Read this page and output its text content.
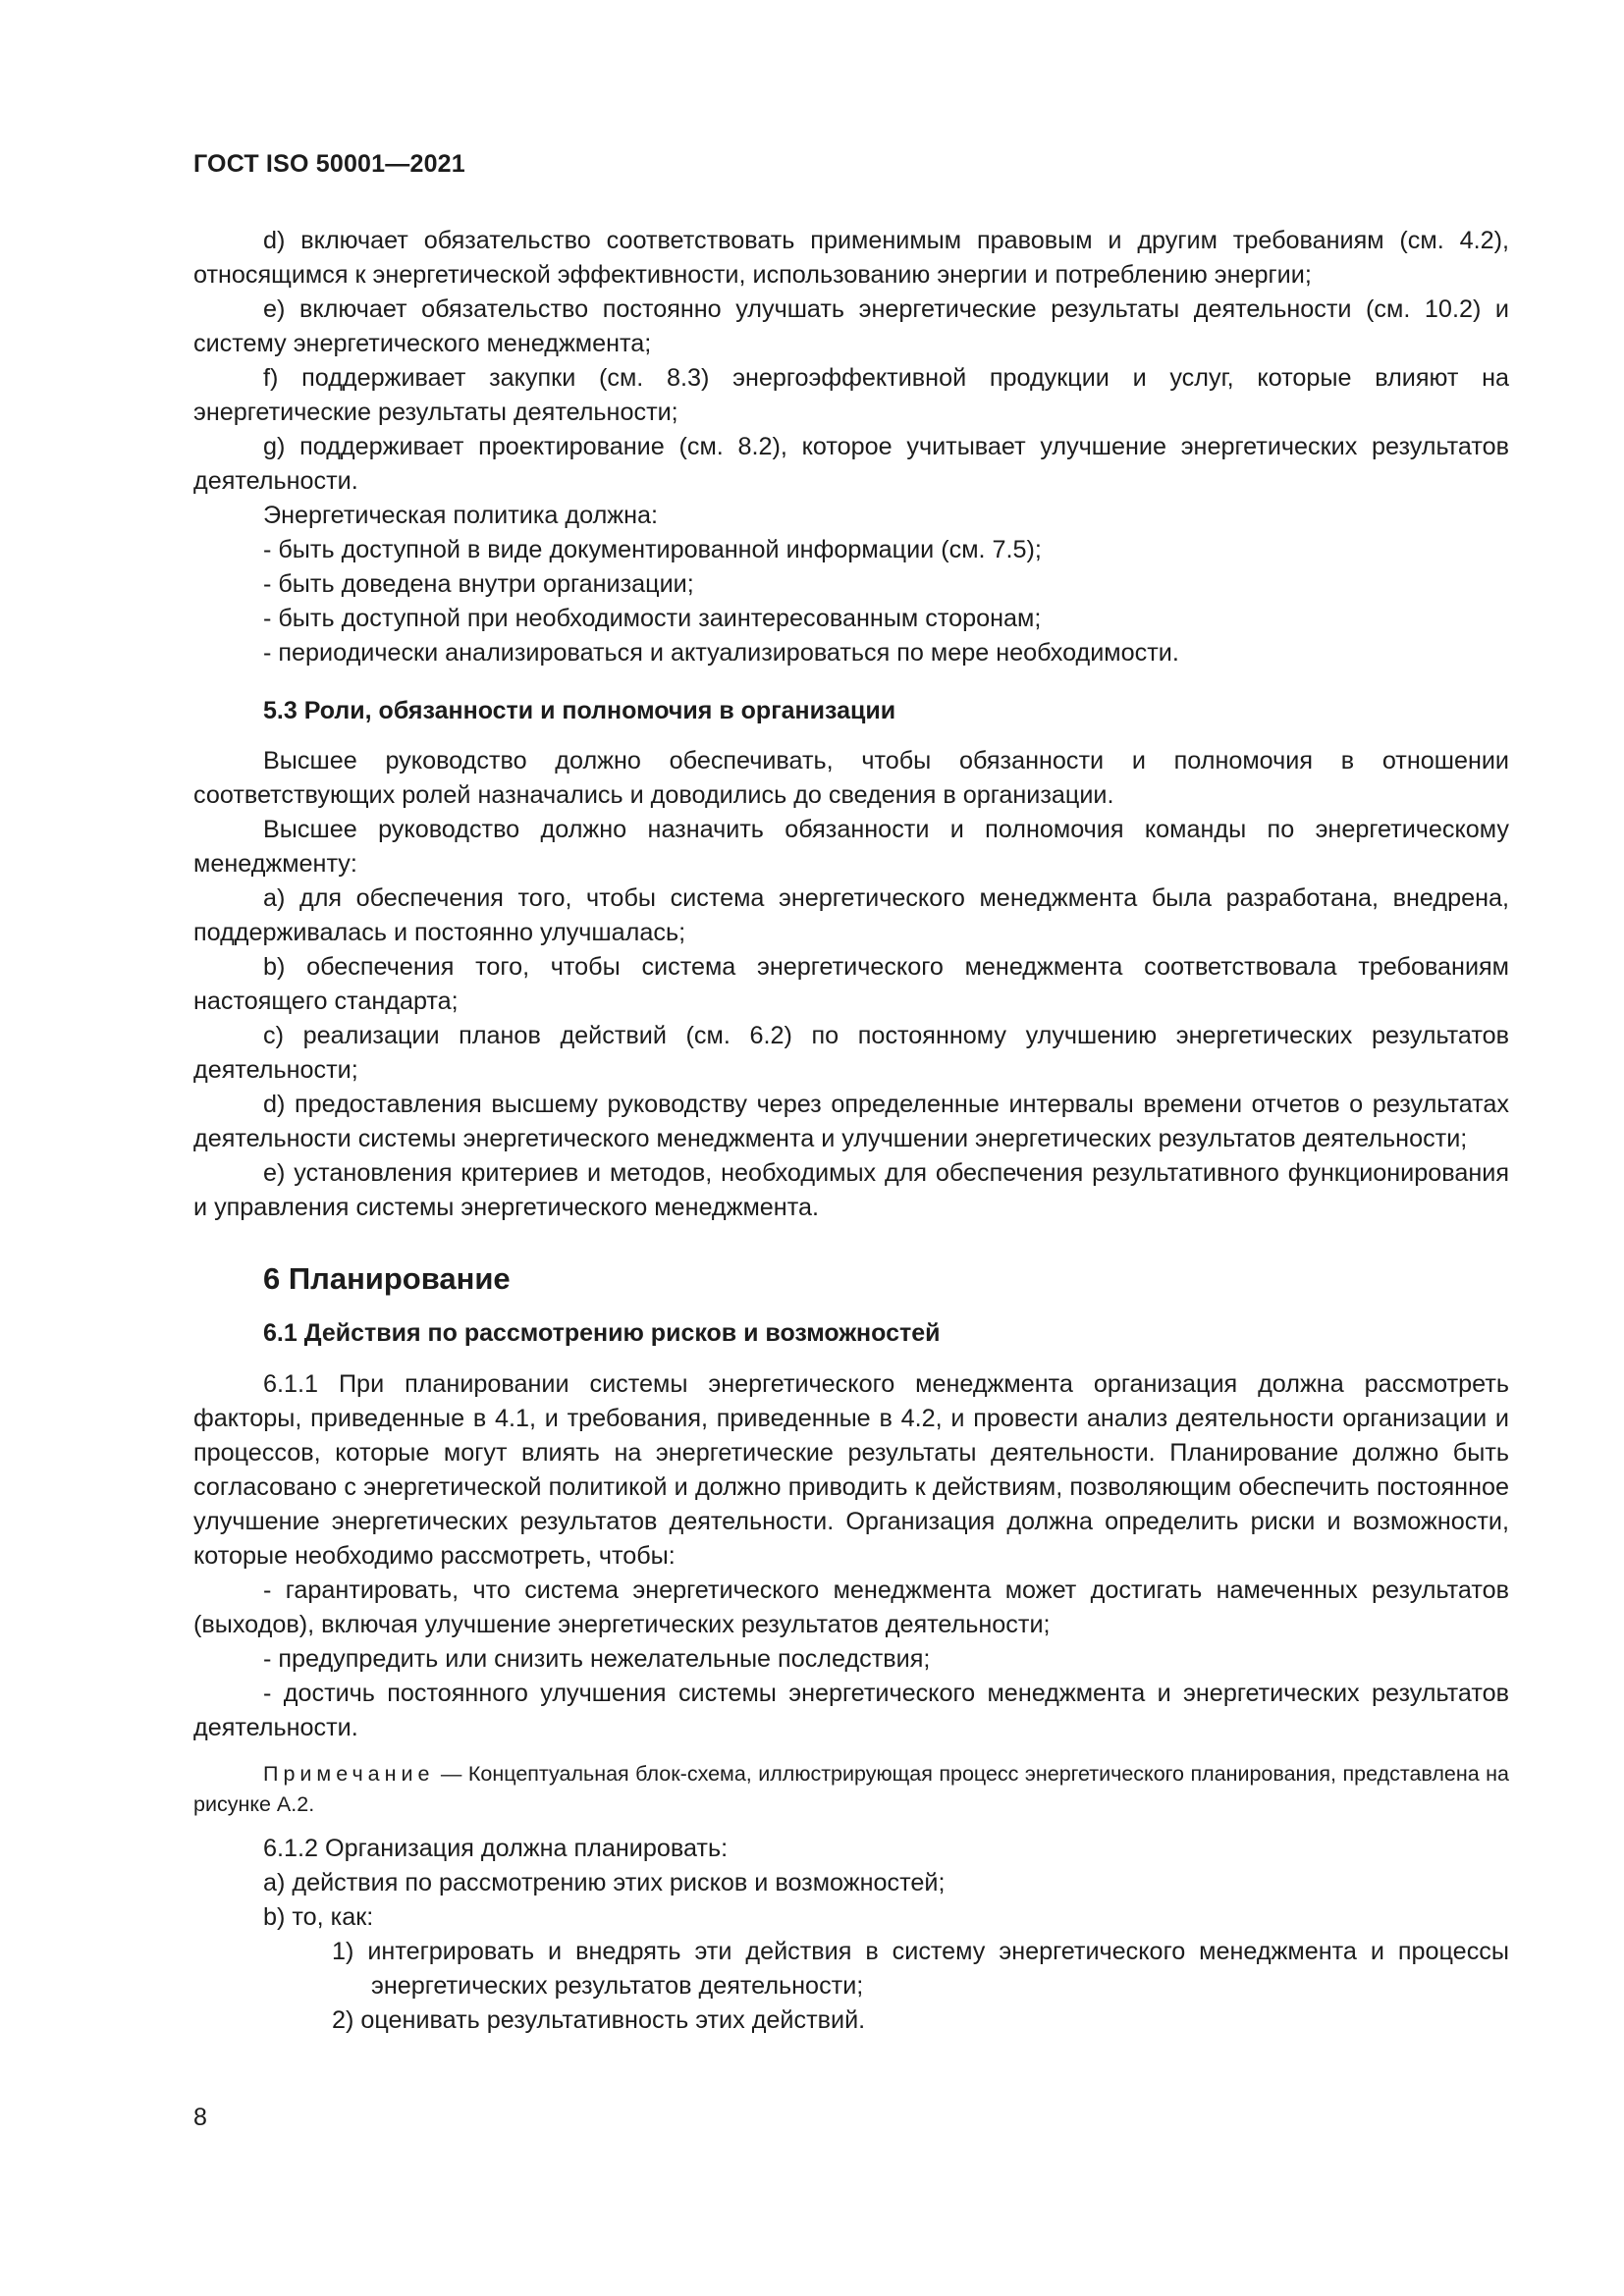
ГОСТ ISO 50001—2021

d) включает обязательство соответствовать применимым правовым и другим требованиям (см. 4.2), относящимся к энергетической эффективности, использованию энергии и потреблению энергии;

e) включает обязательство постоянно улучшать энергетические результаты деятельности (см. 10.2) и систему энергетического менеджмента;

f) поддерживает закупки (см. 8.3) энергоэффективной продукции и услуг, которые влияют на энергетические результаты деятельности;

g) поддерживает проектирование (см. 8.2), которое учитывает улучшение энергетических результатов деятельности.

Энергетическая политика должна:

- быть доступной в виде документированной информации (см. 7.5);

- быть доведена внутри организации;

- быть доступной при необходимости заинтересованным сторонам;

- периодически анализироваться и актуализироваться по мере необходимости.

5.3 Роли, обязанности и полномочия в организации

Высшее руководство должно обеспечивать, чтобы обязанности и полномочия в отношении соответствующих ролей назначались и доводились до сведения в организации.

Высшее руководство должно назначить обязанности и полномочия команды по энергетическому менеджменту:

a) для обеспечения того, чтобы система энергетического менеджмента была разработана, внедрена, поддерживалась и постоянно улучшалась;

b) обеспечения того, чтобы система энергетического менеджмента соответствовала требованиям настоящего стандарта;

c) реализации планов действий (см. 6.2) по постоянному улучшению энергетических результатов деятельности;

d) предоставления высшему руководству через определенные интервалы времени отчетов о результатах деятельности системы энергетического менеджмента и улучшении энергетических результатов деятельности;

e) установления критериев и методов, необходимых для обеспечения результативного функционирования и управления системы энергетического менеджмента.

6 Планирование

6.1 Действия по рассмотрению рисков и возможностей

6.1.1 При планировании системы энергетического менеджмента организация должна рассмотреть факторы, приведенные в 4.1, и требования, приведенные в 4.2, и провести анализ деятельности организации и процессов, которые могут влиять на энергетические результаты деятельности. Планирование должно быть согласовано с энергетической политикой и должно приводить к действиям, позволяющим обеспечить постоянное улучшение энергетических результатов деятельности. Организация должна определить риски и возможности, которые необходимо рассмотреть, чтобы:

- гарантировать, что система энергетического менеджмента может достигать намеченных результатов (выходов), включая улучшение энергетических результатов деятельности;

- предупредить или снизить нежелательные последствия;

- достичь постоянного улучшения системы энергетического менеджмента и энергетических результатов деятельности.

Примечание — Концептуальная блок-схема, иллюстрирующая процесс энергетического планирования, представлена на рисунке А.2.

6.1.2 Организация должна планировать:

a) действия по рассмотрению этих рисков и возможностей;

b) то, как:

1) интегрировать и внедрять эти действия в систему энергетического менеджмента и процессы энергетических результатов деятельности;

2) оценивать результативность этих действий.

8
